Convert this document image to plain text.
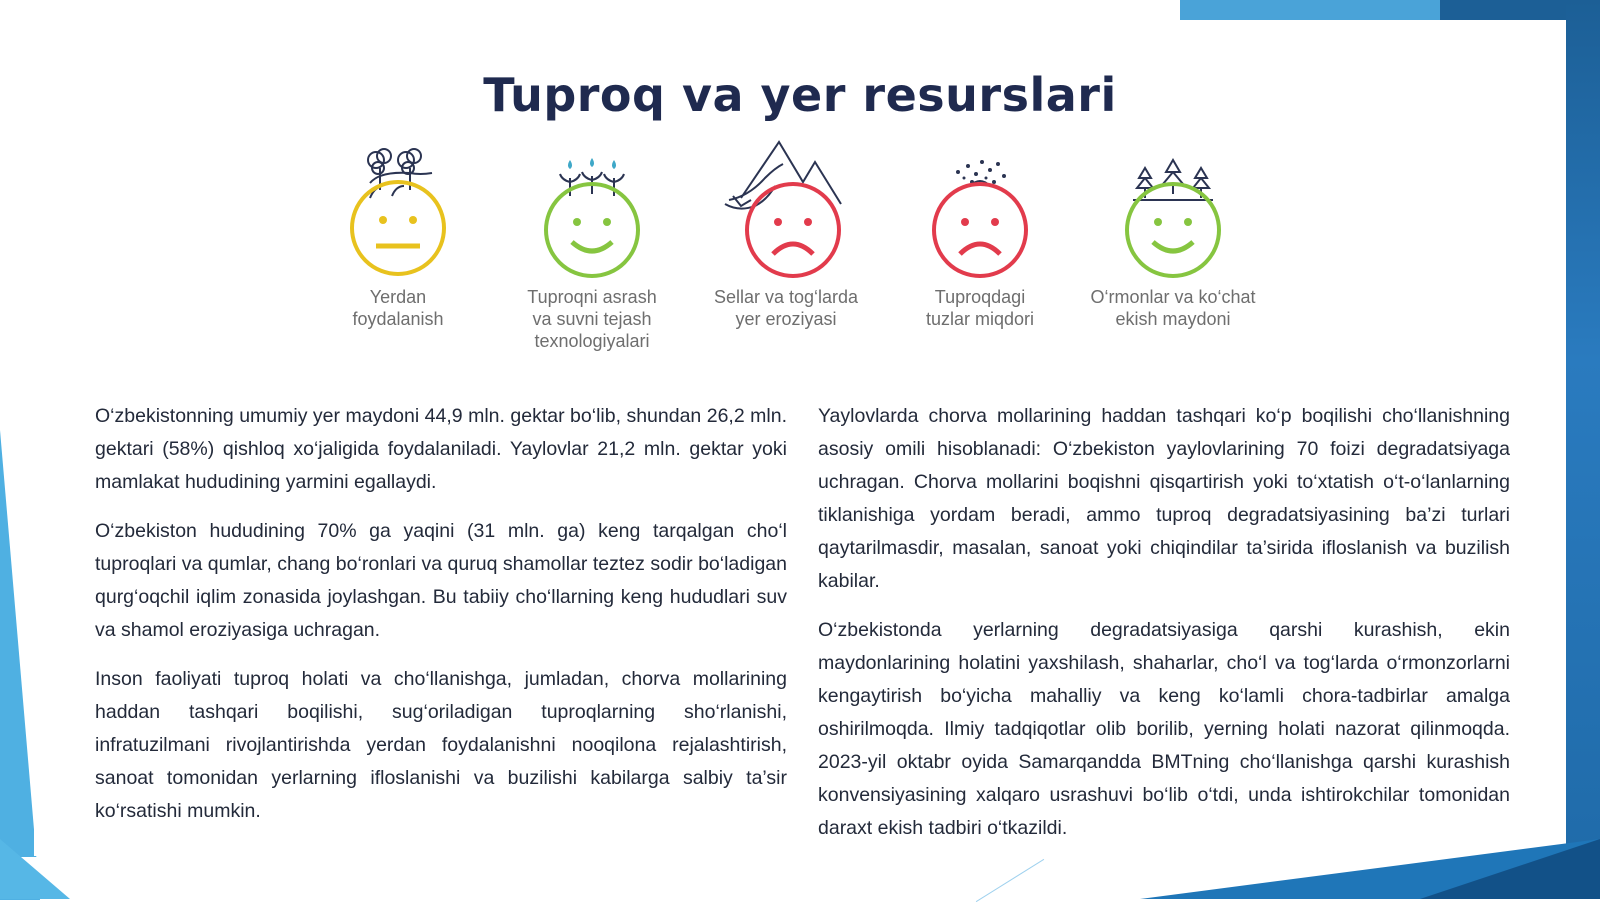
Tuproq va yer resurslari
Yerdan
foydalanish
Tuproqni asrash
va suvni tejash
texnologiyalari
Sellar va tog‘larda
yer eroziyasi
Tuproqdagi
tuzlar miqdori
O‘rmonlar va ko‘chat
ekish maydoni

O‘zbekistonning umumiy yer maydoni 44,9 mln. gektar bo‘lib, shundan 26,2 mln. gektari (58%) qishloq xo‘jaligida foydalaniladi. Yaylovlar 21,2 mln. gektar yoki mamlakat hududining yarmini egallaydi.

O‘zbekiston hududining 70% ga yaqini (31 mln. ga) keng tarqalgan cho‘l tuproqlari va qumlar, chang bo‘ronlari va quruq shamollar teztez sodir bo‘ladigan qurg‘oqchil iqlim zonasida joylashgan. Bu tabiiy cho‘llarning keng hududlari suv va shamol eroziyasiga uchragan.

Inson faoliyati tuproq holati va cho‘llanishga, jumladan, chorva mollarining haddan tashqari boqilishi, sug‘oriladigan tuproqlarning sho‘rlanishi, infratuzilmani rivojlantirishda yerdan foydalanishni nooqilona rejalashtirish, sanoat tomonidan yerlarning ifloslanishi va buzilishi kabilarga salbiy ta’sir ko‘rsatishi mumkin.

Yaylovlarda chorva mollarining haddan tashqari ko‘p boqilishi cho‘llanishning asosiy omili hisoblanadi: O‘zbekiston yaylovlarining 70 foizi degradatsiyaga uchragan. Chorva mollarini boqishni qisqartirish yoki to‘xtatish o‘t-o‘lanlarning tiklanishiga yordam beradi, ammo tuproq degradatsiyasining ba’zi turlari qaytarilmasdir, masalan, sanoat yoki chiqindilar ta’sirida ifloslanish va buzilish kabilar.

O‘zbekistonda yerlarning degradatsiyasiga qarshi kurashish, ekin maydonlarining holatini yaxshilash, shaharlar, cho‘l va tog‘larda o‘rmonzorlarni kengaytirish bo‘yicha mahalliy va keng ko‘lamli chora-tadbirlar amalga oshirilmoqda. Ilmiy tadqiqotlar olib borilib, yerning holati nazorat qilinmoqda. 2023-yil oktabr oyida Samarqandda BMTning cho‘llanishga qarshi kurashish konvensiyasining xalqaro usrashuvi bo‘lib o‘tdi, unda ishtirokchilar tomonidan daraxt ekish tadbiri o‘tkazildi.
